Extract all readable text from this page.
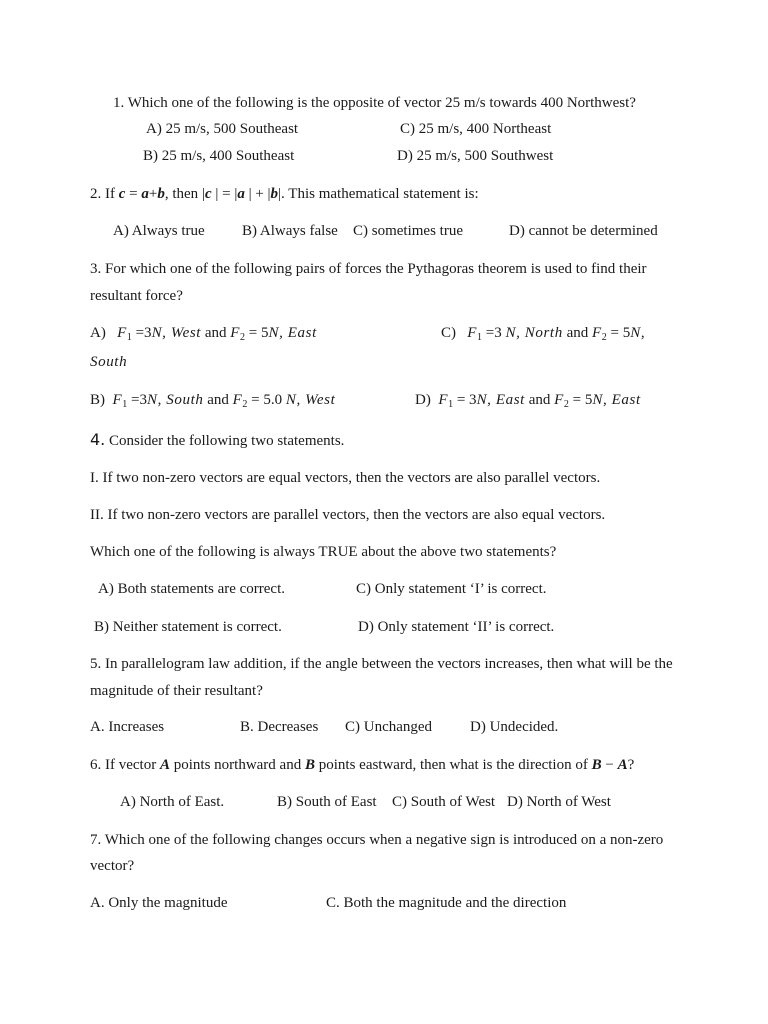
1. Which one of the following is the opposite of vector 25 m/s towards 400 Northwest?
A) 25 m/s, 500 Southeast	C) 25 m/s, 400 Northeast
B) 25 m/s, 400 Southeast	D) 25 m/s, 500 Southwest
2. If c = a+b, then |c | = |a | + |b|. This mathematical statement is:
A) Always true B) Always false C) sometimes true	D) cannot be determined
3. For which one of the following pairs of forces the Pythagoras theorem is used to find their
resultant force?
A) $F_1 =3N$, West and $F_2 = 5N$, East	C) $F_1 =3$ N, North and $F_2 = 5N$,
South
B) $F_1 =3N$, South and $F_2 = 5.0$ N, West	D) $F_1 = 3N$, East and $F_2 = 5N$, East
4. Consider the following two statements.
I. If two non-zero vectors are equal vectors, then the vectors are also parallel vectors.
II. If two non-zero vectors are parallel vectors, then the vectors are also equal vectors.
Which one of the following is always TRUE about the above two statements?
A) Both statements are correct.	C) Only statement ‘I’ is correct.
B) Neither statement is correct.	D) Only statement ‘II’ is correct.
5. In parallelogram law addition, if the angle between the vectors increases, then what will be the
magnitude of their resultant?
A. Increases	B. Decreases C) Unchanged	D) Undecided.
6. If vector A points northward and B points eastward, then what is the direction of B − A?
A) North of East.	B) South of East C) South of West D) North of West
7. Which one of the following changes occurs when a negative sign is introduced on a non-zero
vector?
A. Only the magnitude	C. Both the magnitude and the direction
